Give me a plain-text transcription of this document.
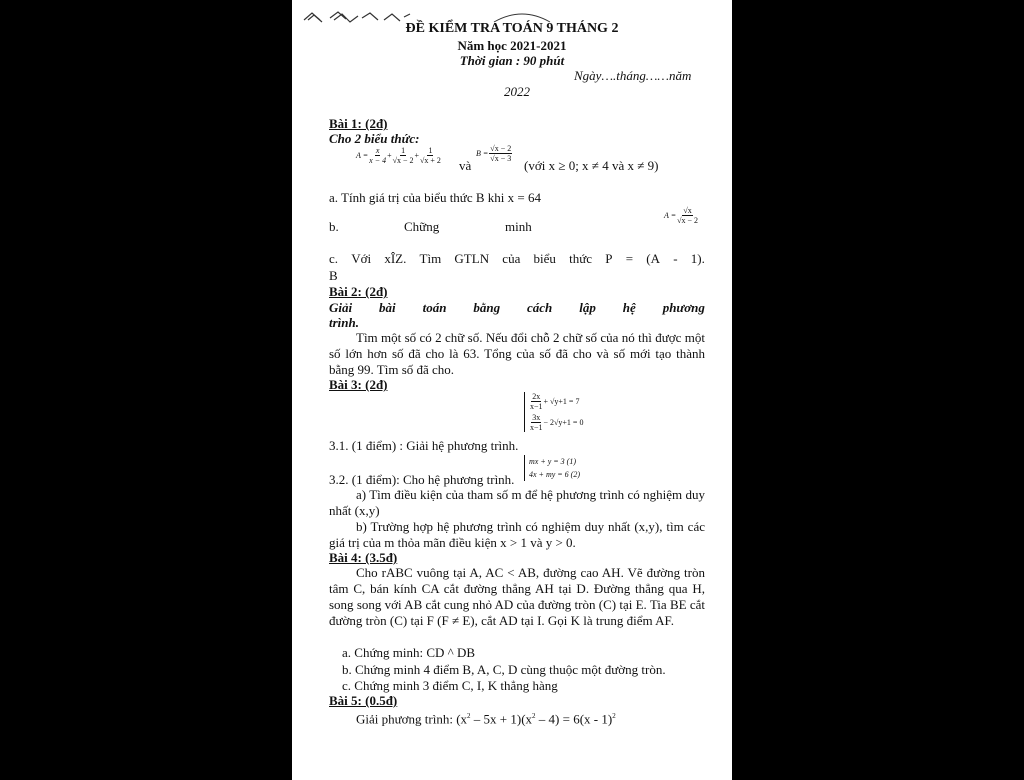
ĐỀ KIỂM TRA TOÁN 9 THÁNG 2
Năm học 2021-2021
Thời gian : 90 phút
Ngày….tháng……năm
2022
Bài 1: (2đ)
Cho 2 biểu thức:
$A = \frac{x}{x - 4} + \frac{1}{√x - 2} + \frac{1}{√x + 2}$
và
$B = \frac{√x - 2}{√x - 3}$
(với x ≥ 0; x ≠ 4 và x ≠ 9)
a. Tính giá trị của biểu thức B khi x = 64
b.	Chững	minh
$A = \frac{√x}{√x - 2}$
c. Với xÎZ. Tìm GTLN của biểu thức P = (A - 1).
B
Bài 2: (2đ)
Giải bài toán bằng cách lập hệ phương
trình.
Tìm một số có 2 chữ số. Nếu đổi chỗ 2 chữ số của nó thì được một số lớn hơn số đã cho là 63. Tổng của số đã cho và số mới tạo thành bằng 99. Tìm số đã cho.
Bài 3: (2đ)
$\frac{2x}{x-1} + √y+1 = 7$
$\frac{3x}{x-1} - 2√y+1 = 0$
3.1. (1 điểm) : Giải hệ phương trình.
mx + y = 3 (1)
4x + my = 6 (2)
3.2. (1 điểm): Cho hệ phương trình.
a) Tìm điều kiện của tham số m để hệ phương trình có nghiệm duy nhất (x,y)
b) Trường hợp hệ phương trình có nghiệm duy nhất (x,y), tìm các giá trị của m thỏa mãn điều kiện x > 1 và y > 0.
Bài 4: (3.5đ)
Cho rABC vuông tại A, AC < AB, đường cao AH. Vẽ đường tròn tâm C, bán kính CA cắt đường thẳng AH tại D. Đường thẳng qua H, song song với AB cắt cung nhỏ AD của đường tròn (C) tại E. Tia BE cắt đường tròn (C) tại F (F ≠ E), cắt AD tại I. Gọi K là trung điểm AF.
a. Chứng minh: CD ^ DB
b. Chứng minh 4 điểm B, A, C, D cùng thuộc một đường tròn.
c. Chứng minh 3 điểm C, I, K thẳng hàng
Bài 5: (0.5đ)
Giải phương trình: $(x^2 - 5x + 1)(x^2 - 4) = 6(x - 1)^2$
